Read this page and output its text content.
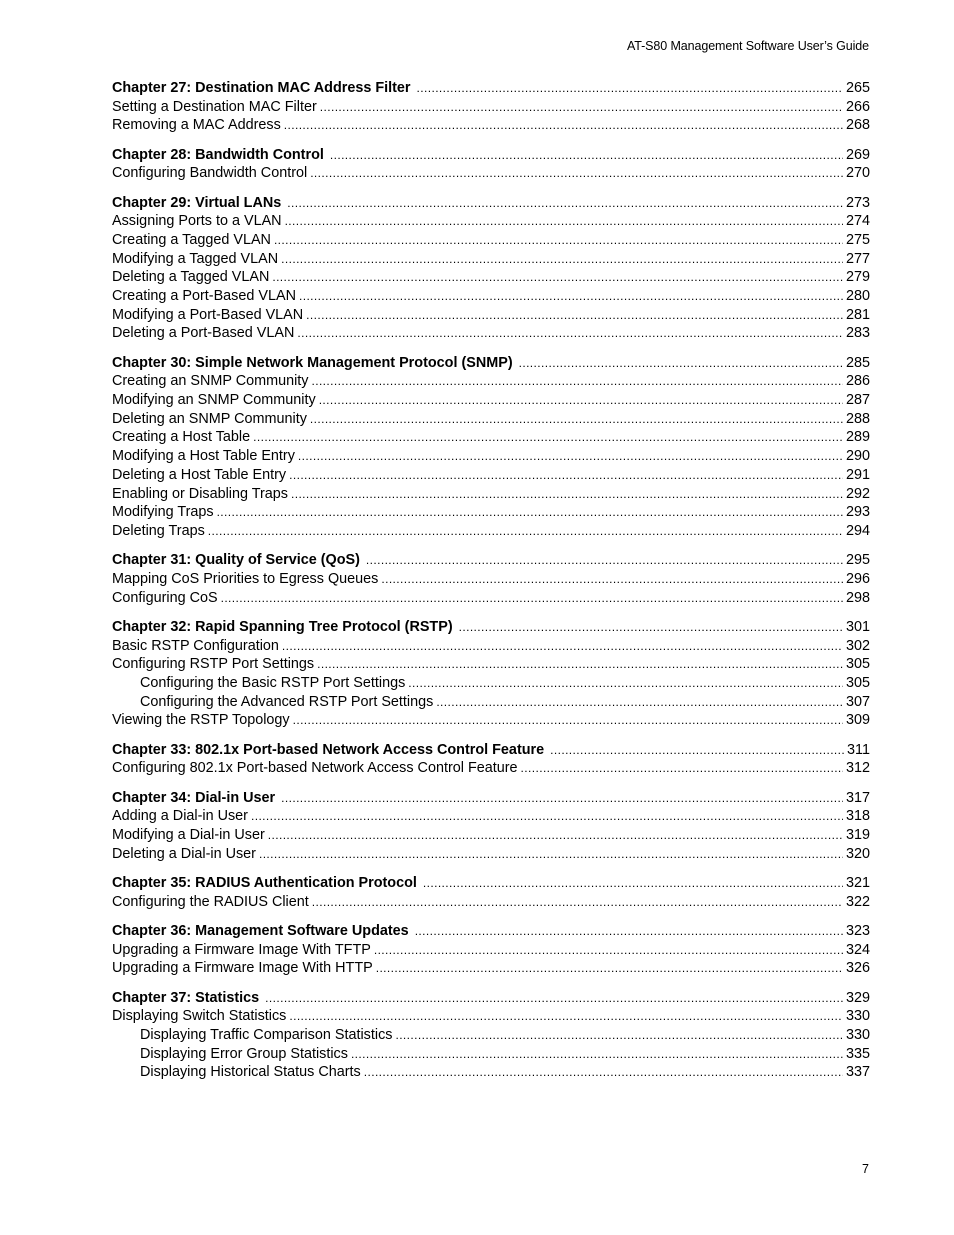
AT-S80 Management Software User’s Guide
Chapter 27: Destination MAC Address Filter .....	265
Setting a Destination MAC Filter .....	266
Removing a MAC Address .....	268
Chapter 28: Bandwidth Control .....	269
Configuring Bandwidth Control .....	270
Chapter 29: Virtual LANs .....	273
Assigning Ports to a VLAN .....	274
Creating a Tagged VLAN .....	275
Modifying a Tagged VLAN .....	277
Deleting a Tagged VLAN .....	279
Creating a Port-Based VLAN .....	280
Modifying a Port-Based VLAN .....	281
Deleting a Port-Based VLAN .....	283
Chapter 30: Simple Network Management Protocol (SNMP) .....	285
Creating an SNMP Community .....	286
Modifying an SNMP Community .....	287
Deleting an SNMP Community .....	288
Creating a Host Table .....	289
Modifying a Host Table Entry .....	290
Deleting a Host Table Entry .....	291
Enabling or Disabling Traps .....	292
Modifying Traps .....	293
Deleting Traps .....	294
Chapter 31: Quality of Service (QoS) .....	295
Mapping CoS Priorities to Egress Queues .....	296
Configuring CoS .....	298
Chapter 32: Rapid Spanning Tree Protocol (RSTP) .....	301
Basic RSTP Configuration .....	302
Configuring RSTP Port Settings .....	305
Configuring the Basic RSTP Port Settings .....	305
Configuring the Advanced RSTP Port Settings .....	307
Viewing the RSTP Topology .....	309
Chapter 33: 802.1x Port-based Network Access Control Feature .....	311
Configuring 802.1x Port-based Network Access Control Feature .....	312
Chapter 34: Dial-in User .....	317
Adding a Dial-in User .....	318
Modifying a Dial-in User .....	319
Deleting a Dial-in User .....	320
Chapter 35: RADIUS Authentication Protocol .....	321
Configuring the RADIUS Client .....	322
Chapter 36: Management Software Updates .....	323
Upgrading a Firmware Image With TFTP .....	324
Upgrading a Firmware Image With HTTP .....	326
Chapter 37: Statistics .....	329
Displaying Switch Statistics .....	330
Displaying Traffic Comparison Statistics .....	330
Displaying Error Group Statistics .....	335
Displaying Historical Status Charts .....	337
7
